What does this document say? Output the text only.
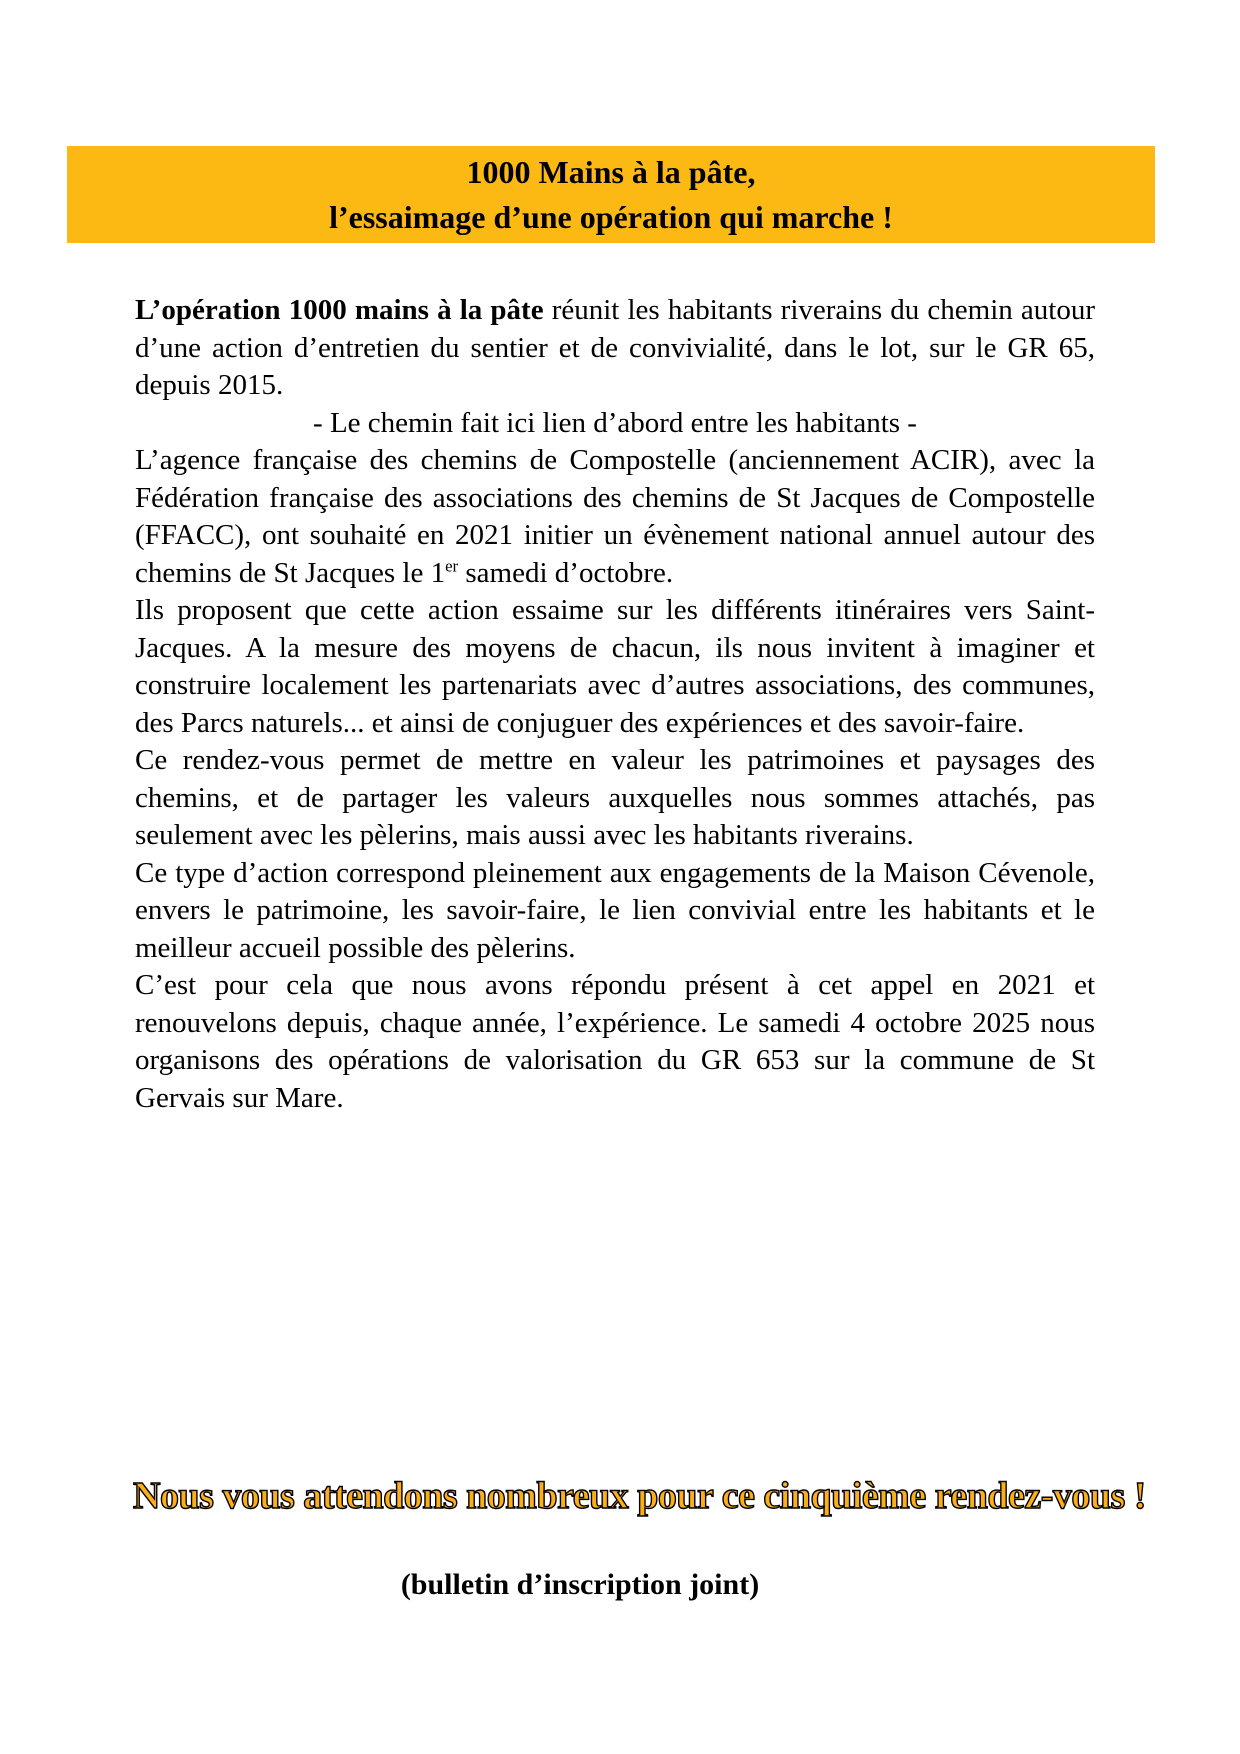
1000 Mains à la pâte,
l’essaimage d’une opération qui marche !

L’opération 1000 mains à la pâte réunit les habitants riverains du chemin autour d’une action d’entretien du sentier et de convivialité, dans le lot, sur le GR 65, depuis 2015.

- Le chemin fait ici lien d’abord entre les habitants -

L’agence française des chemins de Compostelle (anciennement ACIR), avec la Fédération française des associations des chemins de St Jacques de Compostelle (FFACC), ont souhaité en 2021 initier un évènement national annuel autour des chemins de St Jacques le 1er samedi d’octobre.

Ils proposent que cette action essaime sur les différents itinéraires vers Saint-Jacques. A la mesure des moyens de chacun, ils nous invitent à imaginer et construire localement les partenariats avec d’autres associations, des communes, des Parcs naturels... et ainsi de conjuguer des expériences et des savoir-faire.

Ce rendez-vous permet de mettre en valeur les patrimoines et paysages des chemins, et de partager les valeurs auxquelles nous sommes attachés, pas seulement avec les pèlerins, mais aussi avec les habitants riverains.

Ce type d’action correspond pleinement aux engagements de la Maison Cévenole, envers le patrimoine, les savoir-faire, le lien convivial entre les habitants et le meilleur accueil possible des pèlerins.

C’est pour cela que nous avons répondu présent à cet appel en 2021 et renouvelons depuis, chaque année, l’expérience. Le samedi 4 octobre 2025 nous organisons des opérations de valorisation du GR 653 sur la commune de St Gervais sur Mare.

Nous vous attendons nombreux pour ce cinquième rendez-vous !
(bulletin d’inscription joint)
